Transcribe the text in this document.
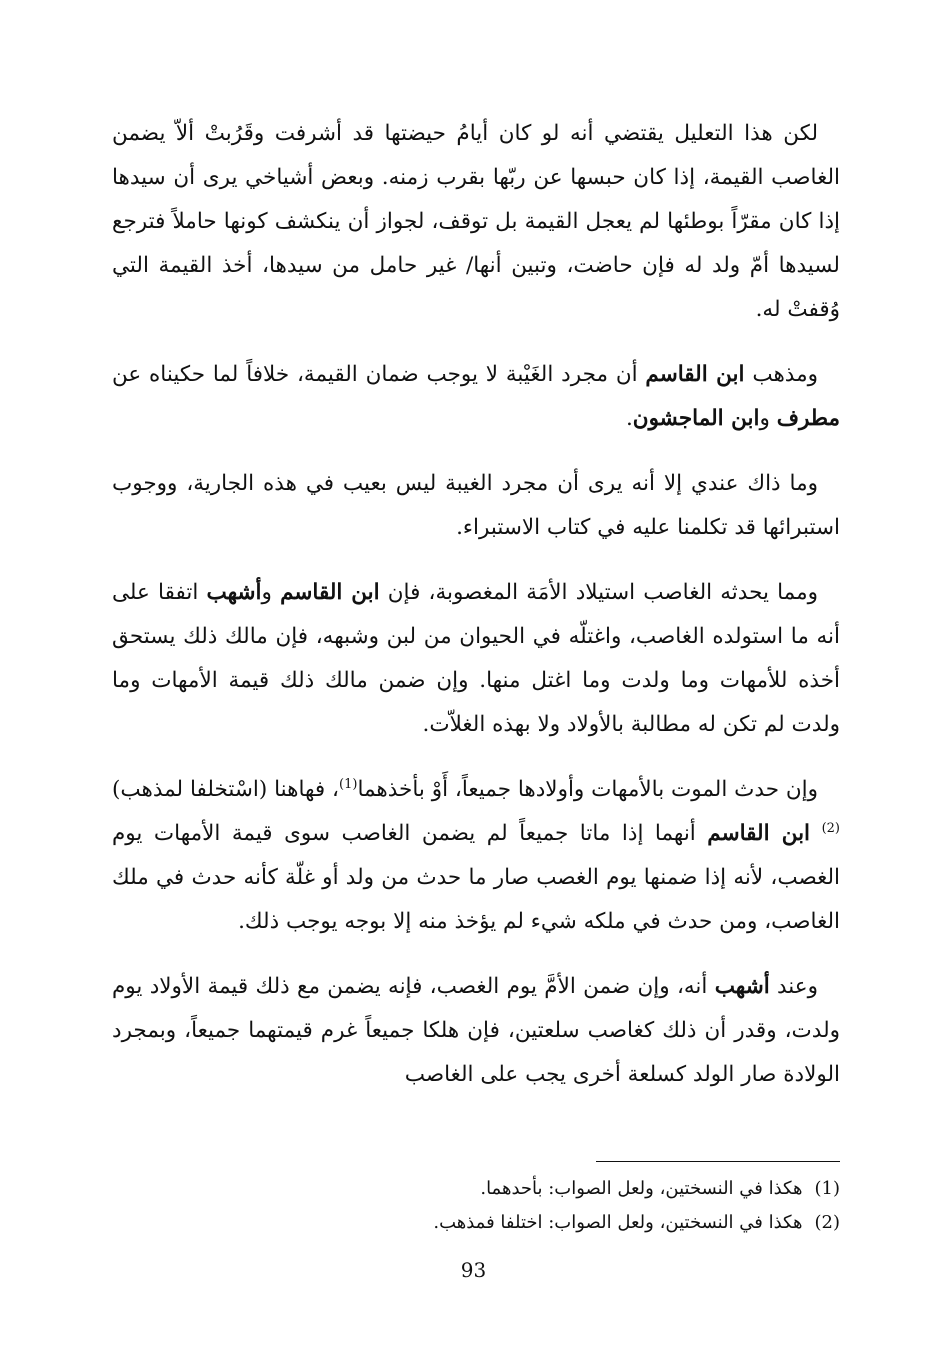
لكن هذا التعليل يقتضي أنه لو كان أيامُ حيضتها قد أشرفت وقَرُبتْ ألاّ يضمن الغاصب القيمة، إذا كان حبسها عن ربّها بقرب زمنه. وبعض أشياخي يرى أن سيدها إذا كان مقرّاً بوطئها لم يعجل القيمة بل توقف، لجواز أن ينكشف كونها حاملاً فترجع لسيدها أمّ ولد له فإن حاضت، وتبين أنها/ غير حامل من سيدها، أخذ القيمة التي وُقفتْ له.

ومذهب ابن القاسم أن مجرد الغَيْبة لا يوجب ضمان القيمة، خلافاً لما حكيناه عن مطرف وابن الماجشون.

وما ذاك عندي إلا أنه يرى أن مجرد الغيبة ليس بعيب في هذه الجارية، ووجوب استبرائها قد تكلمنا عليه في كتاب الاستبراء.

ومما يحدثه الغاصب استيلاد الأمَة المغصوبة، فإن ابن القاسم وأشهب اتفقا على أنه ما استولده الغاصب، واغتلّه في الحيوان من لبن وشبهه، فإن مالك ذلك يستحق أخذه للأمهات وما ولدت وما اغتل منها. وإن ضمن مالك ذلك قيمة الأمهات وما ولدت لم تكن له مطالبة بالأولاد ولا بهذه الغلاّت.

وإن حدث الموت بالأمهات وأولادها جميعاً، أَوْ بأخذهما$^{(1)}$، فهاهنا (اسْتخلفا لمذهب)$^{(2)}$ ابن القاسم أنهما إذا ماتا جميعاً لم يضمن الغاصب سوى قيمة الأمهات يوم الغصب، لأنه إذا ضمنها يوم الغصب صار ما حدث من ولد أو غلّة كأنه حدث في ملك الغاصب، ومن حدث في ملكه شيء لم يؤخذ منه إلا بوجه يوجب ذلك.

وعند أشهب أنه، وإن ضمن الأمَّ يوم الغصب، فإنه يضمن مع ذلك قيمة الأولاد يوم ولدت، وقدر أن ذلك كغاصب سلعتين، فإن هلكا جميعاً غرم قيمتهما جميعاً، وبمجرد الولادة صار الولد كسلعة أخرى يجب على الغاصب

(1)هكذا في النسختين، ولعل الصواب: بأحدهما.
(2)هكذا في النسختين، ولعل الصواب: اختلفا فمذهب.
93
